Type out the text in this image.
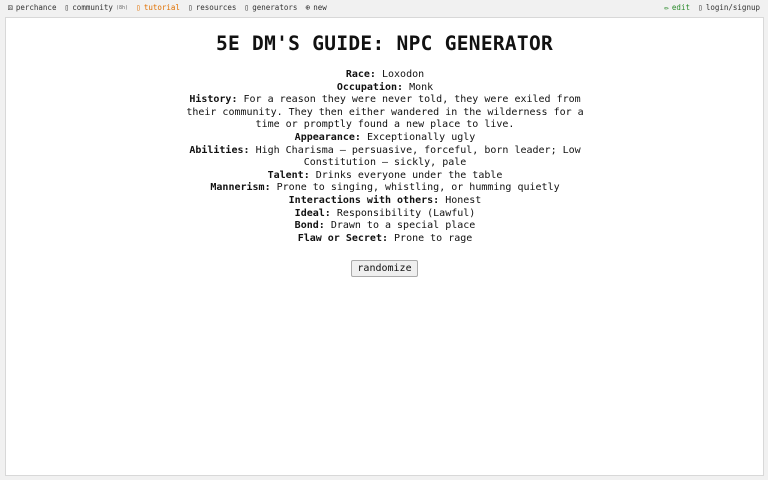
⚄ perchance ▯ community (8h) ▯ tutorial ▯ resources ▯ generators ⊕ new	✏ edit ▯ login/signup
5E DM'S GUIDE: NPC GENERATOR
Race: Loxodon
Occupation: Monk
History: For a reason they were never told, they were exiled from their community. They then either wandered in the wilderness for a time or promptly found a new place to live.
Appearance: Exceptionally ugly
Abilities: High Charisma – persuasive, forceful, born leader; Low Constitution – sickly, pale
Talent: Drinks everyone under the table
Mannerism: Prone to singing, whistling, or humming quietly
Interactions with others: Honest
Ideal: Responsibility (Lawful)
Bond: Drawn to a special place
Flaw or Secret: Prone to rage
randomize
